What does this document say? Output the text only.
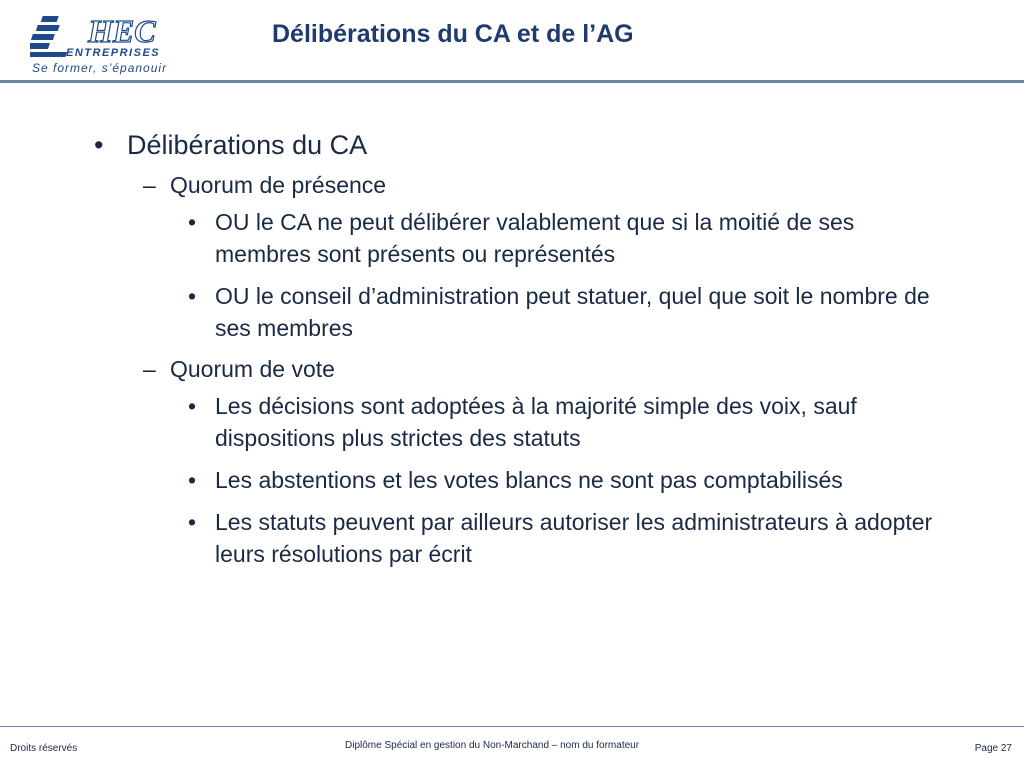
HEC
ENTREPRISES
Se former, s’épanouir
Délibérations du CA et de l’AG
• Délibérations du CA
– Quorum de présence
• OU le CA ne peut délibérer valablement que si la moitié de ses membres sont présents ou représentés
• OU le conseil d’administration peut statuer, quel que soit le nombre de ses membres
– Quorum de vote
• Les décisions sont adoptées à la majorité simple des voix, sauf dispositions plus strictes des statuts
• Les abstentions et les votes blancs ne sont pas comptabilisés
• Les statuts peuvent par ailleurs autoriser les administrateurs à adopter leurs résolutions par écrit
Droits réservés	Diplôme Spécial en gestion du Non-Marchand – nom du formateur	Page 27
